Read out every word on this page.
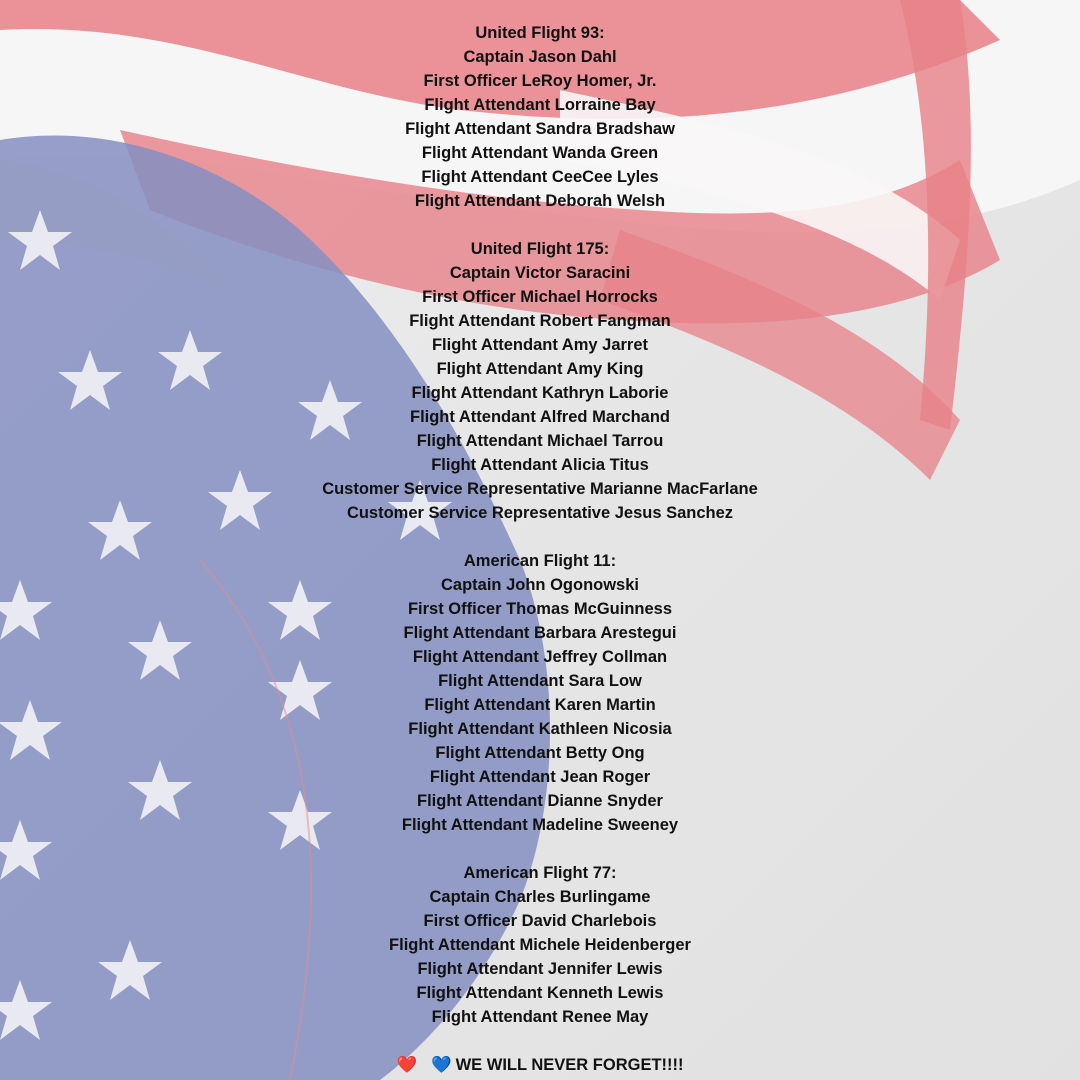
United Flight 93:
Captain Jason Dahl
First Officer LeRoy Homer, Jr.
Flight Attendant Lorraine Bay
Flight Attendant Sandra Bradshaw
Flight Attendant Wanda Green
Flight Attendant CeeCee Lyles
Flight Attendant Deborah Welsh
United Flight 175:
Captain Victor Saracini
First Officer Michael Horrocks
Flight Attendant Robert Fangman
Flight Attendant Amy Jarret
Flight Attendant Amy King
Flight Attendant Kathryn Laborie
Flight Attendant Alfred Marchand
Flight Attendant Michael Tarrou
Flight Attendant Alicia Titus
Customer Service Representative Marianne MacFarlane
Customer Service Representative Jesus Sanchez
American Flight 11:
Captain John Ogonowski
First Officer Thomas McGuinness
Flight Attendant Barbara Arestegui
Flight Attendant Jeffrey Collman
Flight Attendant Sara Low
Flight Attendant Karen Martin
Flight Attendant Kathleen Nicosia
Flight Attendant Betty Ong
Flight Attendant Jean Roger
Flight Attendant Dianne Snyder
Flight Attendant Madeline Sweeney
American Flight 77:
Captain Charles Burlingame
First Officer David Charlebois
Flight Attendant Michele Heidenberger
Flight Attendant Jennifer Lewis
Flight Attendant Kenneth Lewis
Flight Attendant Renee May
❤️ 💙 WE WILL NEVER FORGET!!!!
